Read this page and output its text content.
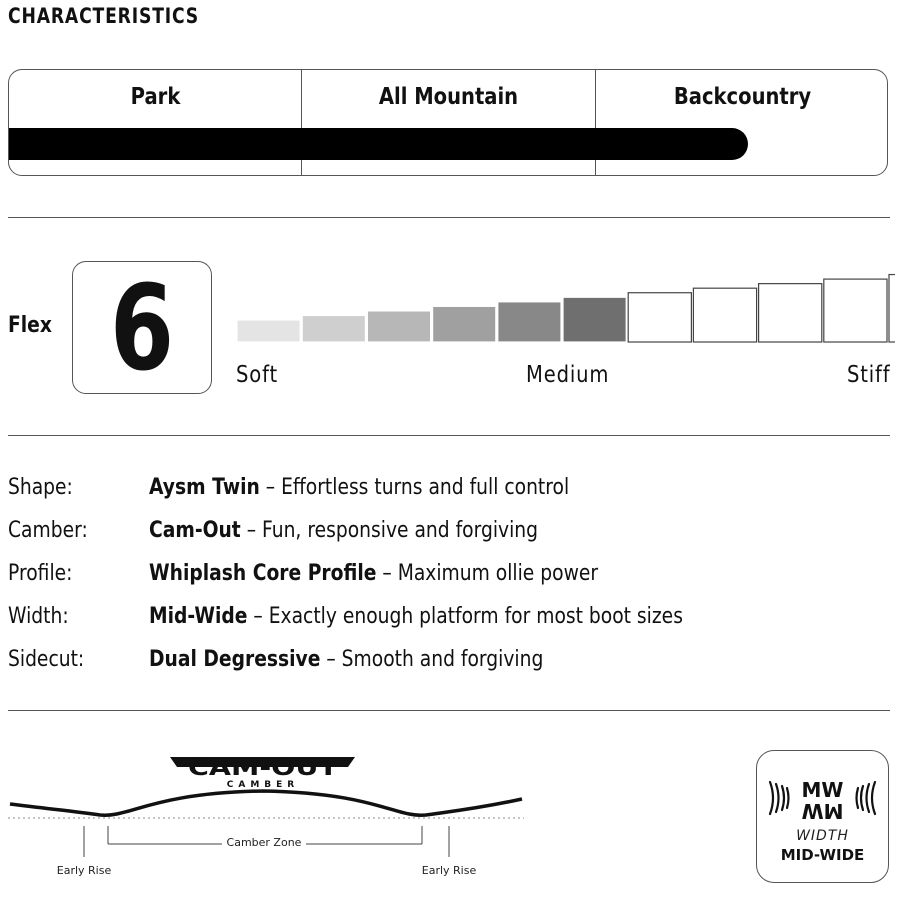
CHARACTERISTICS
Park	All Mountain	Backcountry
Flex 6	Soft	Medium	Stiff
Shape:	Aysm Twin – Effortless turns and full control
Camber:	Cam-Out – Fun, responsive and forgiving
Profile:	Whiplash Core Profile – Maximum ollie power
Width:	Mid-Wide – Exactly enough platform for most boot sizes
Sidecut:	Dual Degressive – Smooth and forgiving
CAM-OUT
CAMBER
Camber Zone
Early Rise	Early Rise
MW
MW
WIDTH
MID-WIDE
